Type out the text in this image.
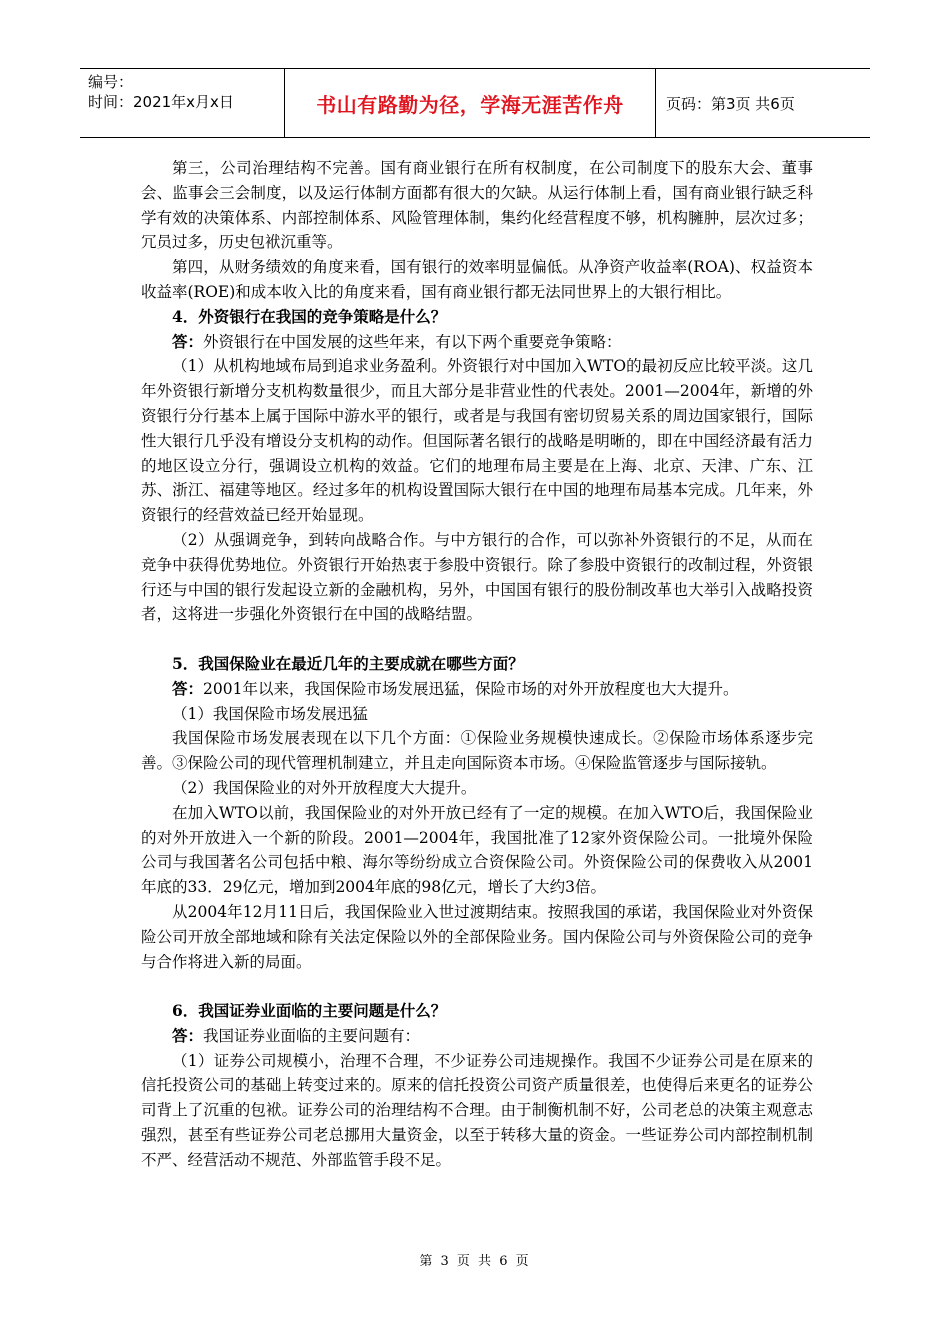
编号：
时间：2021年x月x日	书山有路勤为径，学海无涯苦作舟	页码：第3页 共6页

第三，公司治理结构不完善。国有商业银行在所有权制度，在公司制度下的股东大会、董事会、监事会三会制度，以及运行体制方面都有很大的欠缺。从运行体制上看，国有商业银行缺乏科学有效的决策体系、内部控制体系、风险管理体制，集约化经营程度不够，机构臃肿，层次过多；冗员过多，历史包袱沉重等。

第四，从财务绩效的角度来看，国有银行的效率明显偏低。从净资产收益率(ROA)、权益资本收益率(ROE)和成本收入比的角度来看，国有商业银行都无法同世界上的大银行相比。

4．外资银行在我国的竞争策略是什么？

答：外资银行在中国发展的这些年来，有以下两个重要竞争策略：

（1）从机构地域布局到追求业务盈利。外资银行对中国加入WTO的最初反应比较平淡。这几年外资银行新增分支机构数量很少，而且大部分是非营业性的代表处。2001—2004年，新增的外资银行分行基本上属于国际中游水平的银行，或者是与我国有密切贸易关系的周边国家银行，国际性大银行几乎没有增设分支机构的动作。但国际著名银行的战略是明晰的，即在中国经济最有活力的地区设立分行，强调设立机构的效益。它们的地理布局主要是在上海、北京、天津、广东、江苏、浙江、福建等地区。经过多年的机构设置国际大银行在中国的地理布局基本完成。几年来，外资银行的经营效益已经开始显现。

（2）从强调竞争，到转向战略合作。与中方银行的合作，可以弥补外资银行的不足，从而在竞争中获得优势地位。外资银行开始热衷于参股中资银行。除了参股中资银行的改制过程，外资银行还与中国的银行发起设立新的金融机构，另外，中国国有银行的股份制改革也大举引入战略投资者，这将进一步强化外资银行在中国的战略结盟。

5．我国保险业在最近几年的主要成就在哪些方面？

答：2001年以来，我国保险市场发展迅猛，保险市场的对外开放程度也大大提升。

（1）我国保险市场发展迅猛

我国保险市场发展表现在以下几个方面：①保险业务规模快速成长。②保险市场体系逐步完善。③保险公司的现代管理机制建立，并且走向国际资本市场。④保险监管逐步与国际接轨。

（2）我国保险业的对外开放程度大大提升。

在加入WTO以前，我国保险业的对外开放已经有了一定的规模。在加入WTO后，我国保险业的对外开放进入一个新的阶段。2001—2004年，我国批准了12家外资保险公司。一批境外保险公司与我国著名公司包括中粮、海尔等纷纷成立合资保险公司。外资保险公司的保费收入从2001年底的33．29亿元，增加到2004年底的98亿元，增长了大约3倍。

从2004年12月11日后，我国保险业入世过渡期结束。按照我国的承诺，我国保险业对外资保险公司开放全部地域和除有关法定保险以外的全部保险业务。国内保险公司与外资保险公司的竞争与合作将进入新的局面。

6．我国证券业面临的主要问题是什么？

答：我国证券业面临的主要问题有：

（1）证券公司规模小，治理不合理，不少证券公司违规操作。我国不少证券公司是在原来的信托投资公司的基础上转变过来的。原来的信托投资公司资产质量很差，也使得后来更名的证券公司背上了沉重的包袱。证券公司的治理结构不合理。由于制衡机制不好，公司老总的决策主观意志强烈，甚至有些证券公司老总挪用大量资金，以至于转移大量的资金。一些证券公司内部控制机制不严、经营活动不规范、外部监管手段不足。

第 3 页 共 6 页
